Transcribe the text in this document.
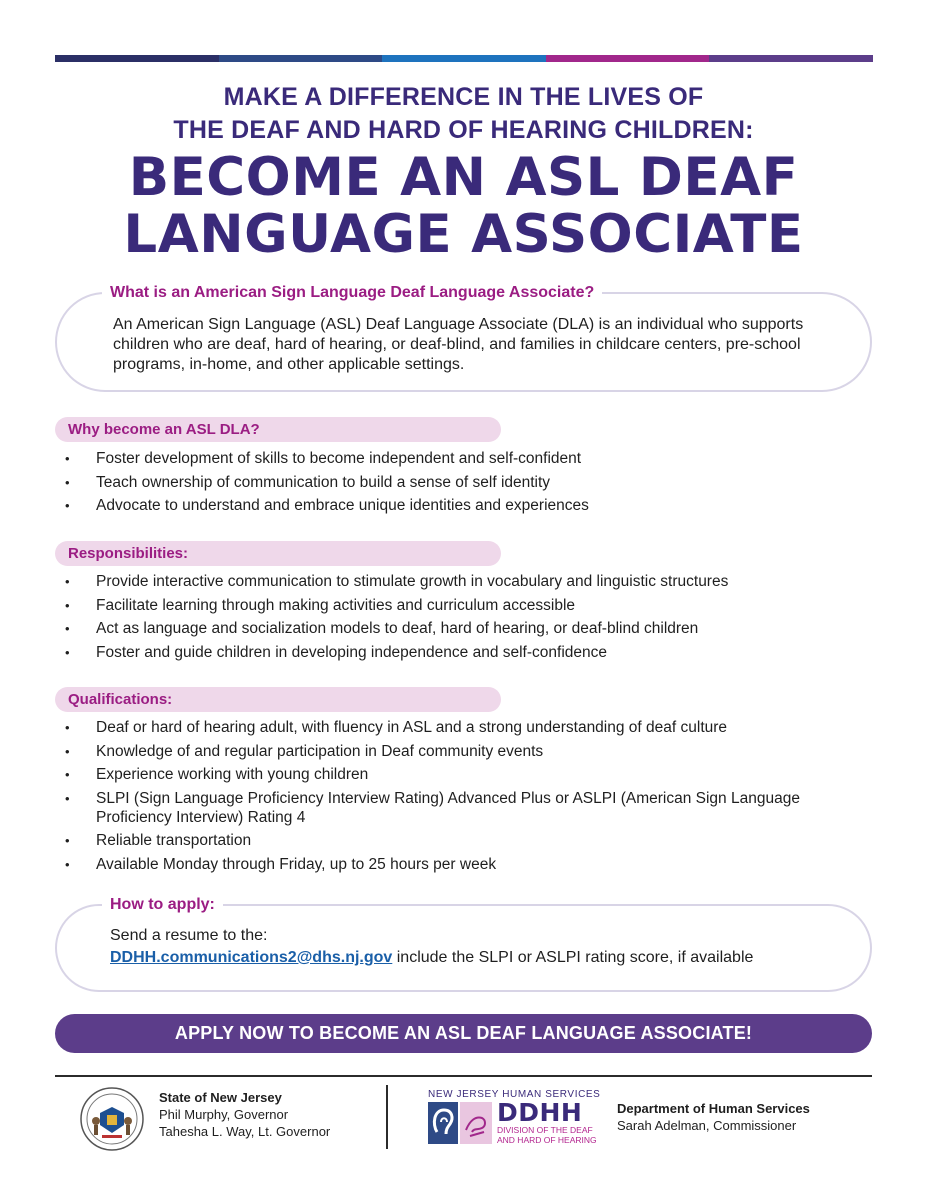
MAKE A DIFFERENCE IN THE LIVES OF
THE DEAF AND HARD OF HEARING CHILDREN:
BECOME AN ASL DEAF
LANGUAGE ASSOCIATE
What is an American Sign Language Deaf Language Associate?
An American Sign Language (ASL) Deaf Language Associate (DLA) is an individual who supports children who are deaf, hard of hearing, or deaf-blind, and families in childcare centers, pre-school programs, in-home, and other applicable settings.
Why become an ASL DLA?
• Foster development of skills to become independent and self-confident
• Teach ownership of communication to build a sense of self identity
• Advocate to understand and embrace unique identities and experiences
Responsibilities:
• Provide interactive communication to stimulate growth in vocabulary and linguistic structures
• Facilitate learning through making activities and curriculum accessible
• Act as language and socialization models to deaf, hard of hearing, or deaf-blind children
• Foster and guide children in developing independence and self-confidence
Qualifications:
• Deaf or hard of hearing adult, with fluency in ASL and a strong understanding of deaf culture
• Knowledge of and regular participation in Deaf community events
• Experience working with young children
• SLPI (Sign Language Proficiency Interview Rating) Advanced Plus or ASLPI (American Sign Language Proficiency Interview) Rating 4
• Reliable transportation
• Available Monday through Friday, up to 25 hours per week
How to apply:
Send a resume to the:
DDHH.communications2@dhs.nj.gov include the SLPI or ASLPI rating score, if available
APPLY NOW TO BECOME AN ASL DEAF LANGUAGE ASSOCIATE!
State of New Jersey
Phil Murphy, Governor
Tahesha L. Way, Lt. Governor
NEW JERSEY HUMAN SERVICES
DDHH
DIVISION OF THE DEAF AND HARD OF HEARING
Department of Human Services
Sarah Adelman, Commissioner
